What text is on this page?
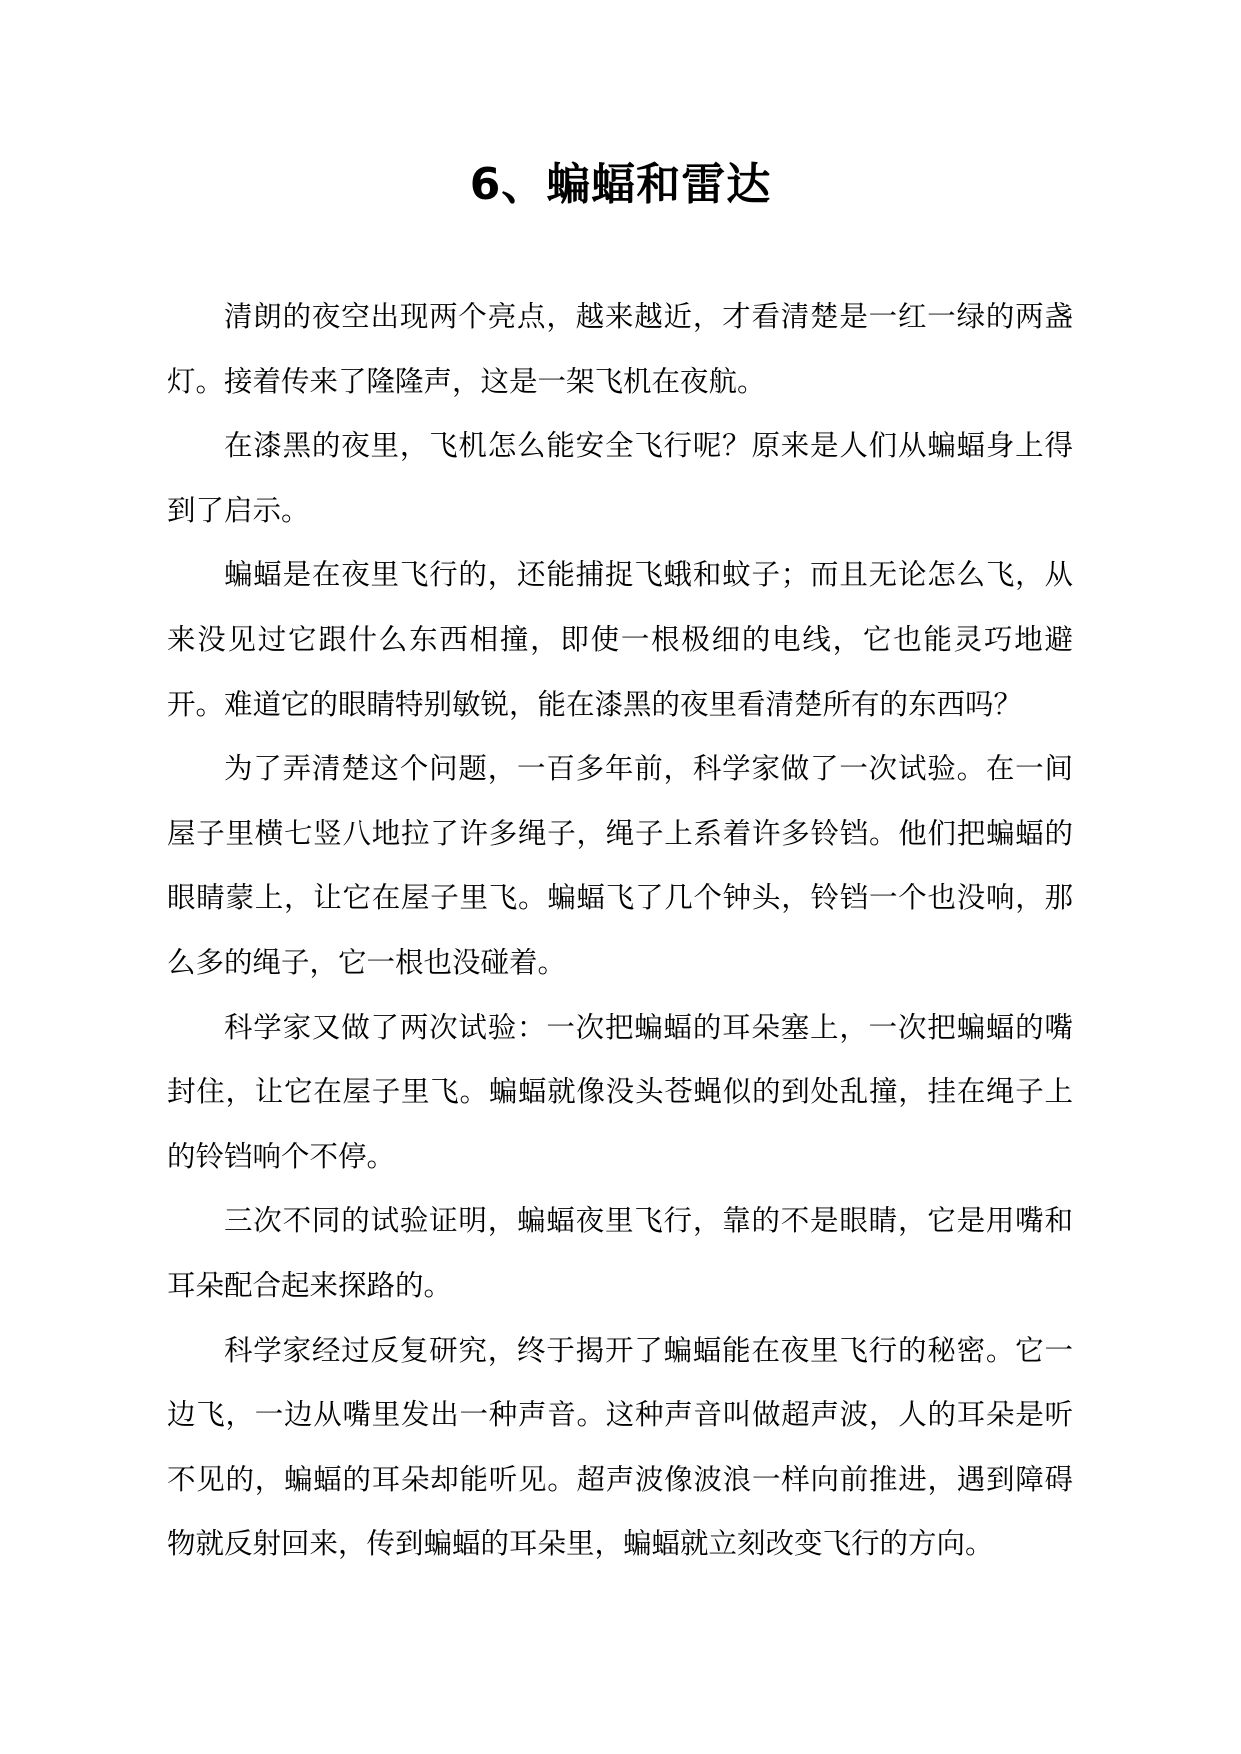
6、蝙蝠和雷达

清朗的夜空出现两个亮点，越来越近，才看清楚是一红一绿的两盏灯。接着传来了隆隆声，这是一架飞机在夜航。

在漆黑的夜里，飞机怎么能安全飞行呢？原来是人们从蝙蝠身上得到了启示。

蝙蝠是在夜里飞行的，还能捕捉飞蛾和蚊子；而且无论怎么飞，从来没见过它跟什么东西相撞，即使一根极细的电线，它也能灵巧地避开。难道它的眼睛特别敏锐，能在漆黑的夜里看清楚所有的东西吗？

为了弄清楚这个问题，一百多年前，科学家做了一次试验。在一间屋子里横七竖八地拉了许多绳子，绳子上系着许多铃铛。他们把蝙蝠的眼睛蒙上，让它在屋子里飞。蝙蝠飞了几个钟头，铃铛一个也没响，那么多的绳子，它一根也没碰着。

科学家又做了两次试验：一次把蝙蝠的耳朵塞上，一次把蝙蝠的嘴封住，让它在屋子里飞。蝙蝠就像没头苍蝇似的到处乱撞，挂在绳子上的铃铛响个不停。

三次不同的试验证明，蝙蝠夜里飞行，靠的不是眼睛，它是用嘴和耳朵配合起来探路的。

科学家经过反复研究，终于揭开了蝙蝠能在夜里飞行的秘密。它一边飞，一边从嘴里发出一种声音。这种声音叫做超声波，人的耳朵是听不见的，蝙蝠的耳朵却能听见。超声波像波浪一样向前推进，遇到障碍物就反射回来，传到蝙蝠的耳朵里，蝙蝠就立刻改变飞行的方向。
